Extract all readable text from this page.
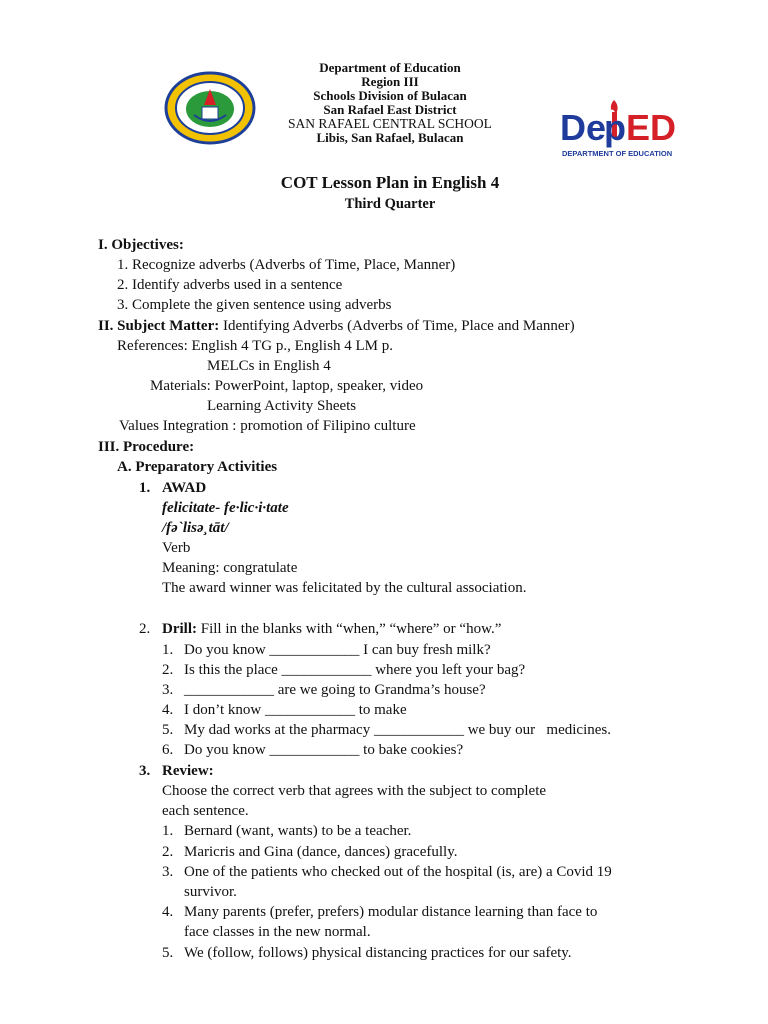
Department of Education
Region III
Schools Division of Bulacan
San Rafael East District
SAN RAFAEL CENTRAL SCHOOL
Libis, San Rafael, Bulacan	De
p ED
DEPARTMENT OF EDUCATION
COT Lesson Plan in English 4
Third Quarter
I. Objectives:
1. Recognize adverbs (Adverbs of Time, Place, Manner)
2. Identify adverbs used in a sentence
3. Complete the given sentence using adverbs
II. Subject Matter: Identifying Adverbs (Adverbs of Time, Place and Manner)
References: English 4 TG p., English 4 LM p.
MELCs in English 4
Materials: PowerPoint, laptop, speaker, video
Learning Activity Sheets
Values Integration : promotion of Filipino culture
III. Procedure:
A. Preparatory Activities
1. AWAD
felicitate- fe·lic·i·tate
/fə`lisə¸tāt/
Verb
Meaning: congratulate
The award winner was felicitated by the cultural association.
2. Drill: Fill in the blanks with “when,” “where” or “how.”
1. Do you know ____________ I can buy fresh milk?
2. Is this the place ____________ where you left your bag?
3. ____________ are we going to Grandma’s house?
4. I don’t know ____________ to make
5. My dad works at the pharmacy ____________ we buy our   medicines.
6. Do you know ____________ to bake cookies?
3. Review:
Choose the correct verb that agrees with the subject to complete
each sentence.
1. Bernard (want, wants) to be a teacher.
2. Maricris and Gina (dance, dances) gracefully.
3. One of the patients who checked out of the hospital (is, are) a Covid 19
survivor.
4. Many parents (prefer, prefers) modular distance learning than face to
face classes in the new normal.
5. We (follow, follows) physical distancing practices for our safety.
